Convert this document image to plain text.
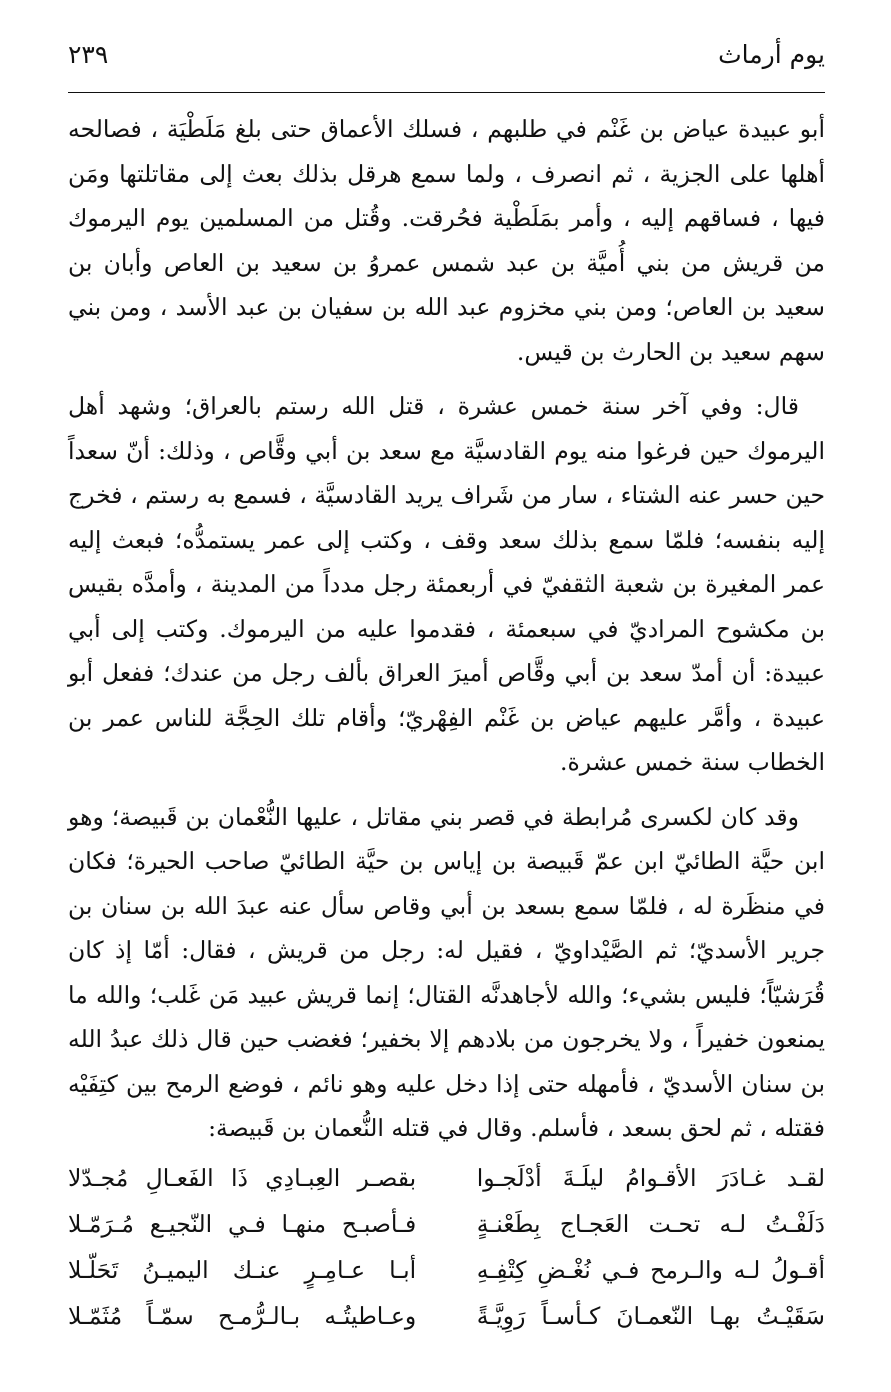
يوم أرماث
٢٣٩

أبو عبيدة عياض بن غَنْم في طلبهم ، فسلك الأعماق حتى بلغ مَلَطْيَة ، فصالحه أهلها على الجزية ، ثم انصرف ، ولما سمع هرقل بذلك بعث إلى مقاتلتها ومَن فيها ، فساقهم إليه ، وأمر بمَلَطْية فحُرقت. وقُتل من المسلمين يوم اليرموك من قريش من بني أُميَّة بن عبد شمس عمروُ بن سعيد بن العاص وأبان بن سعيد بن العاص؛ ومن بني مخزوم عبد الله بن سفيان بن عبد الأسد ، ومن بني سهم سعيد بن الحارث بن قيس.

قال: وفي آخر سنة خمس عشرة ، قتل الله رستم بالعراق؛ وشهد أهل اليرموك حين فرغوا منه يوم القادسيَّة مع سعد بن أبي وقَّاص ، وذلك: أنّ سعداً حين حسر عنه الشتاء ، سار من شَراف يريد القادسيَّة ، فسمع به رستم ، فخرج إليه بنفسه؛ فلمّا سمع بذلك سعد وقف ، وكتب إلى عمر يستمدُّه؛ فبعث إليه عمر المغيرة بن شعبة الثقفيّ في أربعمئة رجل مدداً من المدينة ، وأمدَّه بقيس بن مكشوح المراديّ في سبعمئة ، فقدموا عليه من اليرموك. وكتب إلى أبي عبيدة: أن أمدّ سعد بن أبي وقَّاص أميرَ العراق بألف رجل من عندك؛ ففعل أبو عبيدة ، وأمَّر عليهم عياض بن غَنْم الفِهْريّ؛ وأقام تلك الحِجَّة للناس عمر بن الخطاب سنة خمس عشرة.

وقد كان لكسرى مُرابطة في قصر بني مقاتل ، عليها النُّعْمان بن قَبيصة؛ وهو ابن حيَّة الطائيّ ابن عمّ قَبيصة بن إياس بن حيَّة الطائيّ صاحب الحيرة؛ فكان في منظَرة له ، فلمّا سمع بسعد بن أبي وقاص سأل عنه عبدَ الله بن سنان بن جرير الأسديّ؛ ثم الصَّيْداويّ ، فقيل له: رجل من قريش ، فقال: أمّا إذ كان قُرَشيّاً؛ فليس بشيء؛ والله لأجاهدنَّه القتال؛ إنما قريش عبيد مَن غَلب؛ والله ما يمنعون خفيراً ، ولا يخرجون من بلادهم إلا بخفير؛ فغضب حين قال ذلك عبدُ الله بن سنان الأسديّ ، فأمهله حتى إذا دخل عليه وهو نائم ، فوضع الرمح بين كتِفَيْه فقتله ، ثم لحق بسعد ، فأسلم. وقال في قتله النُّعمان بن قَبيصة:

لقـد غـادَرَ الأقـوامُ ليلَـةَ أدْلَجـوا
بقصـر العِبـادِي ذَا الفَعـالِ مُجـدّلا
دَلَفْـتُ لـه تحـت العَجـاج بِطَعْنـةٍ
فـأصبـح منهـا فـي النّجيـع مُـرَمّـلا
أقـولُ لـه والـرمح فـي نُغْـضِ كِتْفِـهِ
أبـا عـامِـرٍ عنـك اليميـنُ تَحَلّـلا
سَقَيْـتُ بهـا النّعمـانَ كـأسـاً رَوِيَّـةً
وعـاطيتُـه بـالـرُّمـح سمّـاً مُثَمّـلا
